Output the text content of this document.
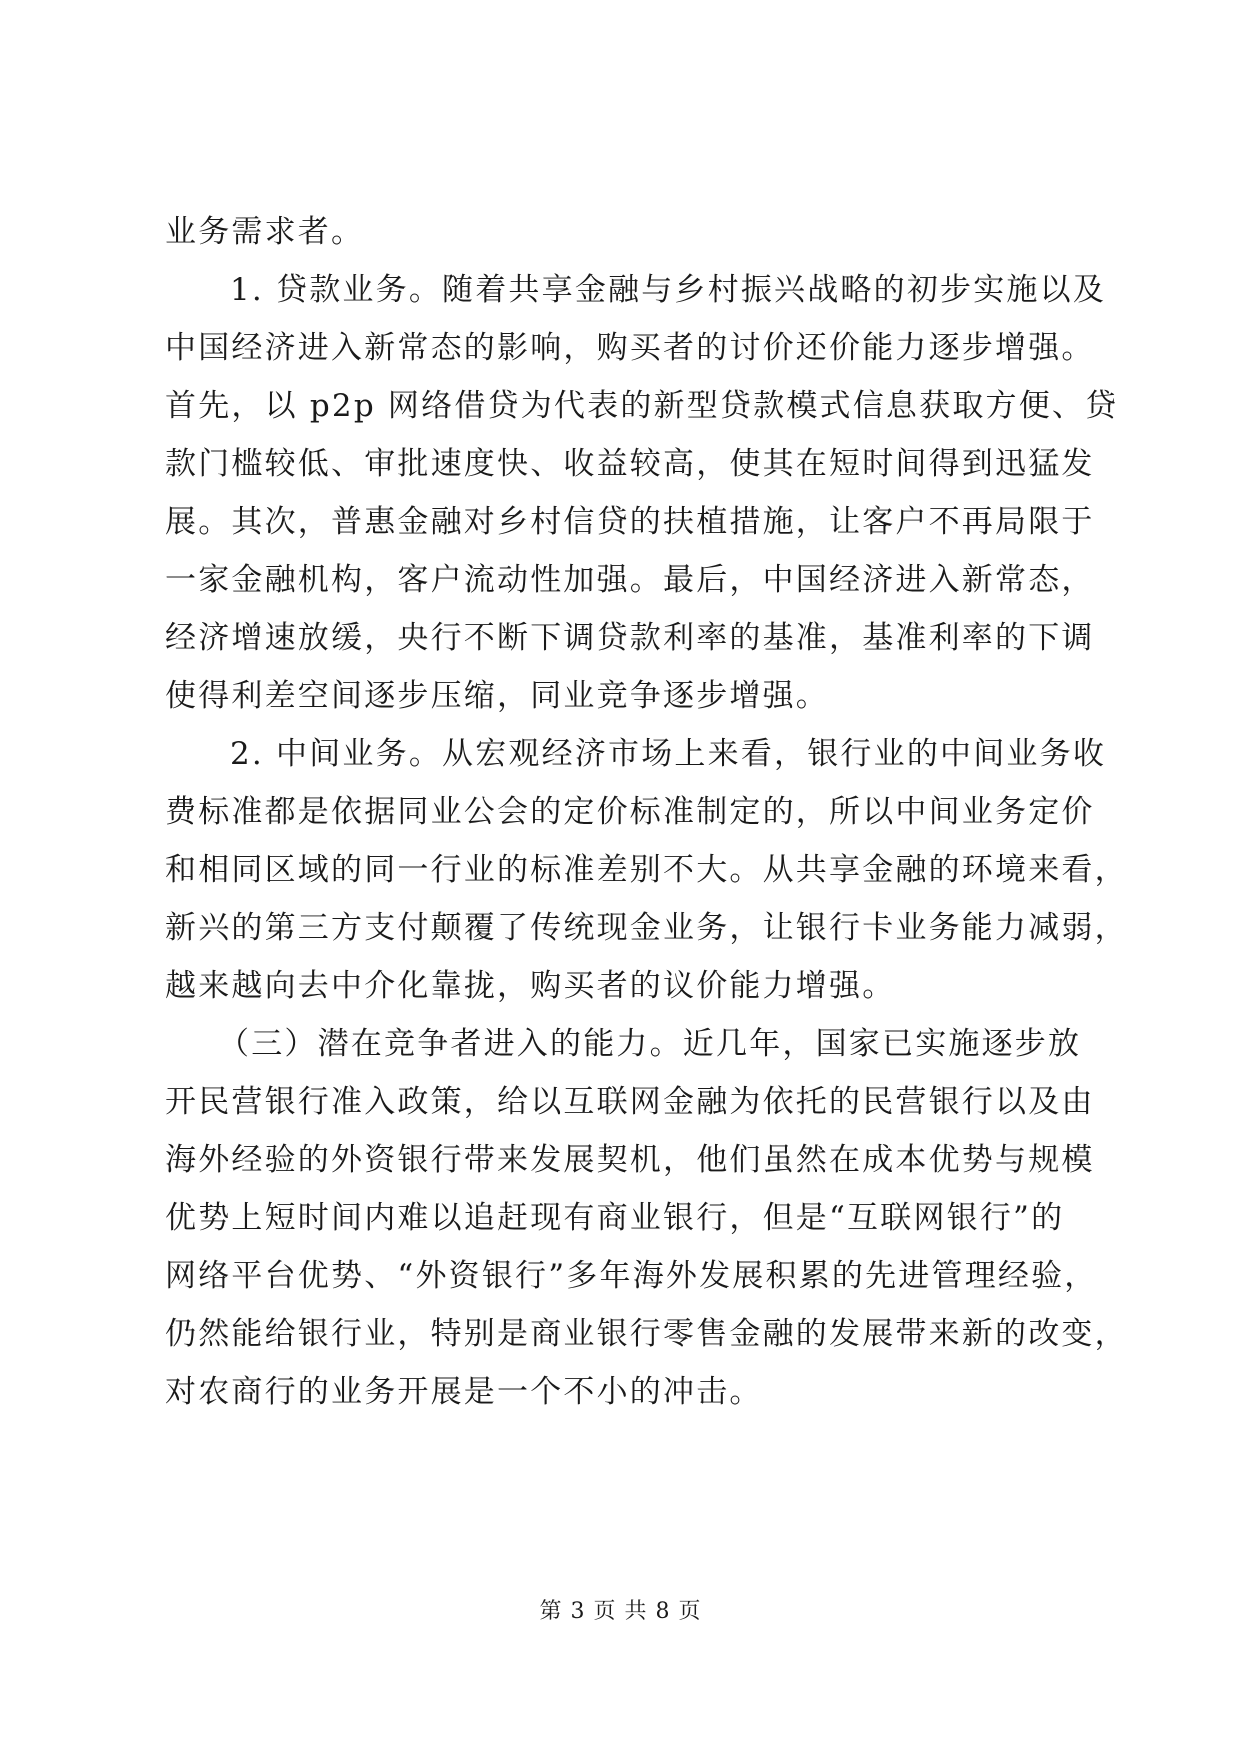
业务需求者。
1. 贷款业务。随着共享金融与乡村振兴战略的初步实施以及
中国经济进入新常态的影响，购买者的讨价还价能力逐步增强。
首先，以 p2p 网络借贷为代表的新型贷款模式信息获取方便、贷
款门槛较低、审批速度快、收益较高，使其在短时间得到迅猛发
展。其次，普惠金融对乡村信贷的扶植措施，让客户不再局限于
一家金融机构，客户流动性加强。最后，中国经济进入新常态，
经济增速放缓，央行不断下调贷款利率的基准，基准利率的下调
使得利差空间逐步压缩，同业竞争逐步增强。
2. 中间业务。从宏观经济市场上来看，银行业的中间业务收
费标准都是依据同业公会的定价标准制定的，所以中间业务定价
和相同区域的同一行业的标准差别不大。从共享金融的环境来看，
新兴的第三方支付颠覆了传统现金业务，让银行卡业务能力减弱，
越来越向去中介化靠拢，购买者的议价能力增强。
（三）潜在竞争者进入的能力。近几年，国家已实施逐步放
开民营银行准入政策，给以互联网金融为依托的民营银行以及由
海外经验的外资银行带来发展契机，他们虽然在成本优势与规模
优势上短时间内难以追赶现有商业银行，但是“互联网银行”的
网络平台优势、“外资银行”多年海外发展积累的先进管理经验，
仍然能给银行业，特别是商业银行零售金融的发展带来新的改变，
对农商行的业务开展是一个不小的冲击。
第 3 页 共 8 页
